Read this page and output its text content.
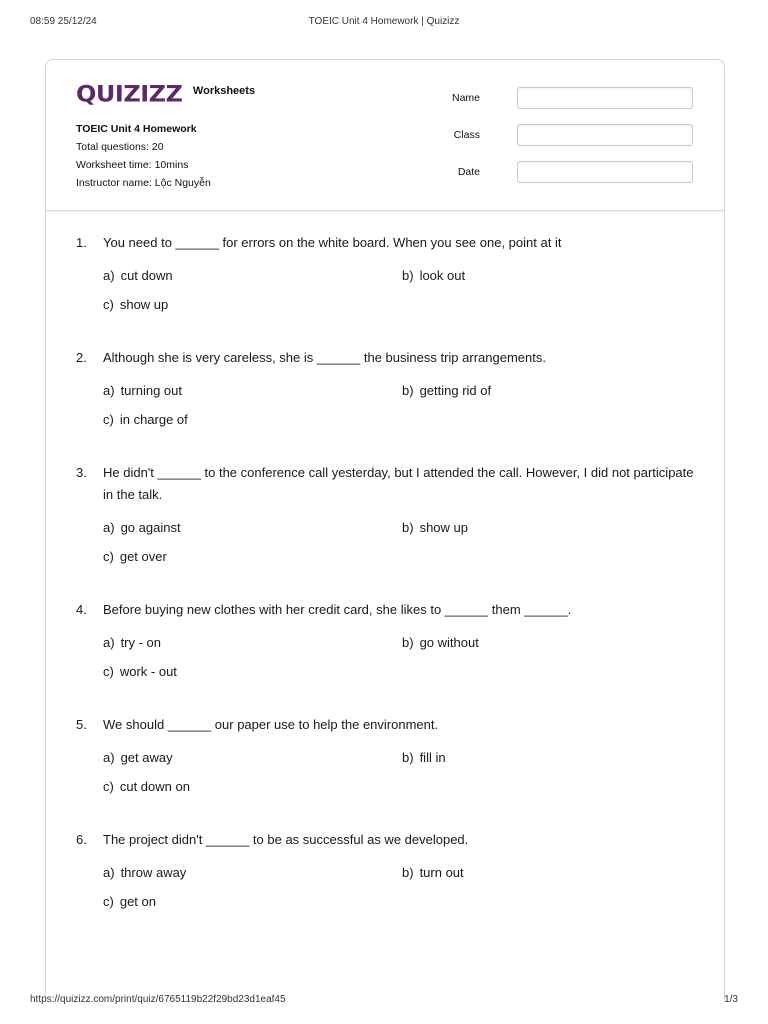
08:59 25/12/24	TOEIC Unit 4 Homework | Quizizz
QUIZIZZ Worksheets
TOEIC Unit 4 Homework
Total questions: 20
Worksheet time: 10mins
Instructor name: Lộc Nguyễn
Name
Class
Date
1. You need to ______ for errors on the white board. When you see one, point at it
a) cut down	b) look out
c) show up
2. Although she is very careless, she is ______ the business trip arrangements.
a) turning out	b) getting rid of
c) in charge of
3. He didn't ______ to the conference call yesterday, but I attended the call. However, I did not participate in the talk.
a) go against	b) show up
c) get over
4. Before buying new clothes with her credit card, she likes to ______ them ______.
a) try - on	b) go without
c) work - out
5. We should ______ our paper use to help the environment.
a) get away	b) fill in
c) cut down on
6. The project didn't ______ to be as successful as we developed.
a) throw away	b) turn out
c) get on
https://quizizz.com/print/quiz/6765119b22f29bd23d1eaf45	1/3
